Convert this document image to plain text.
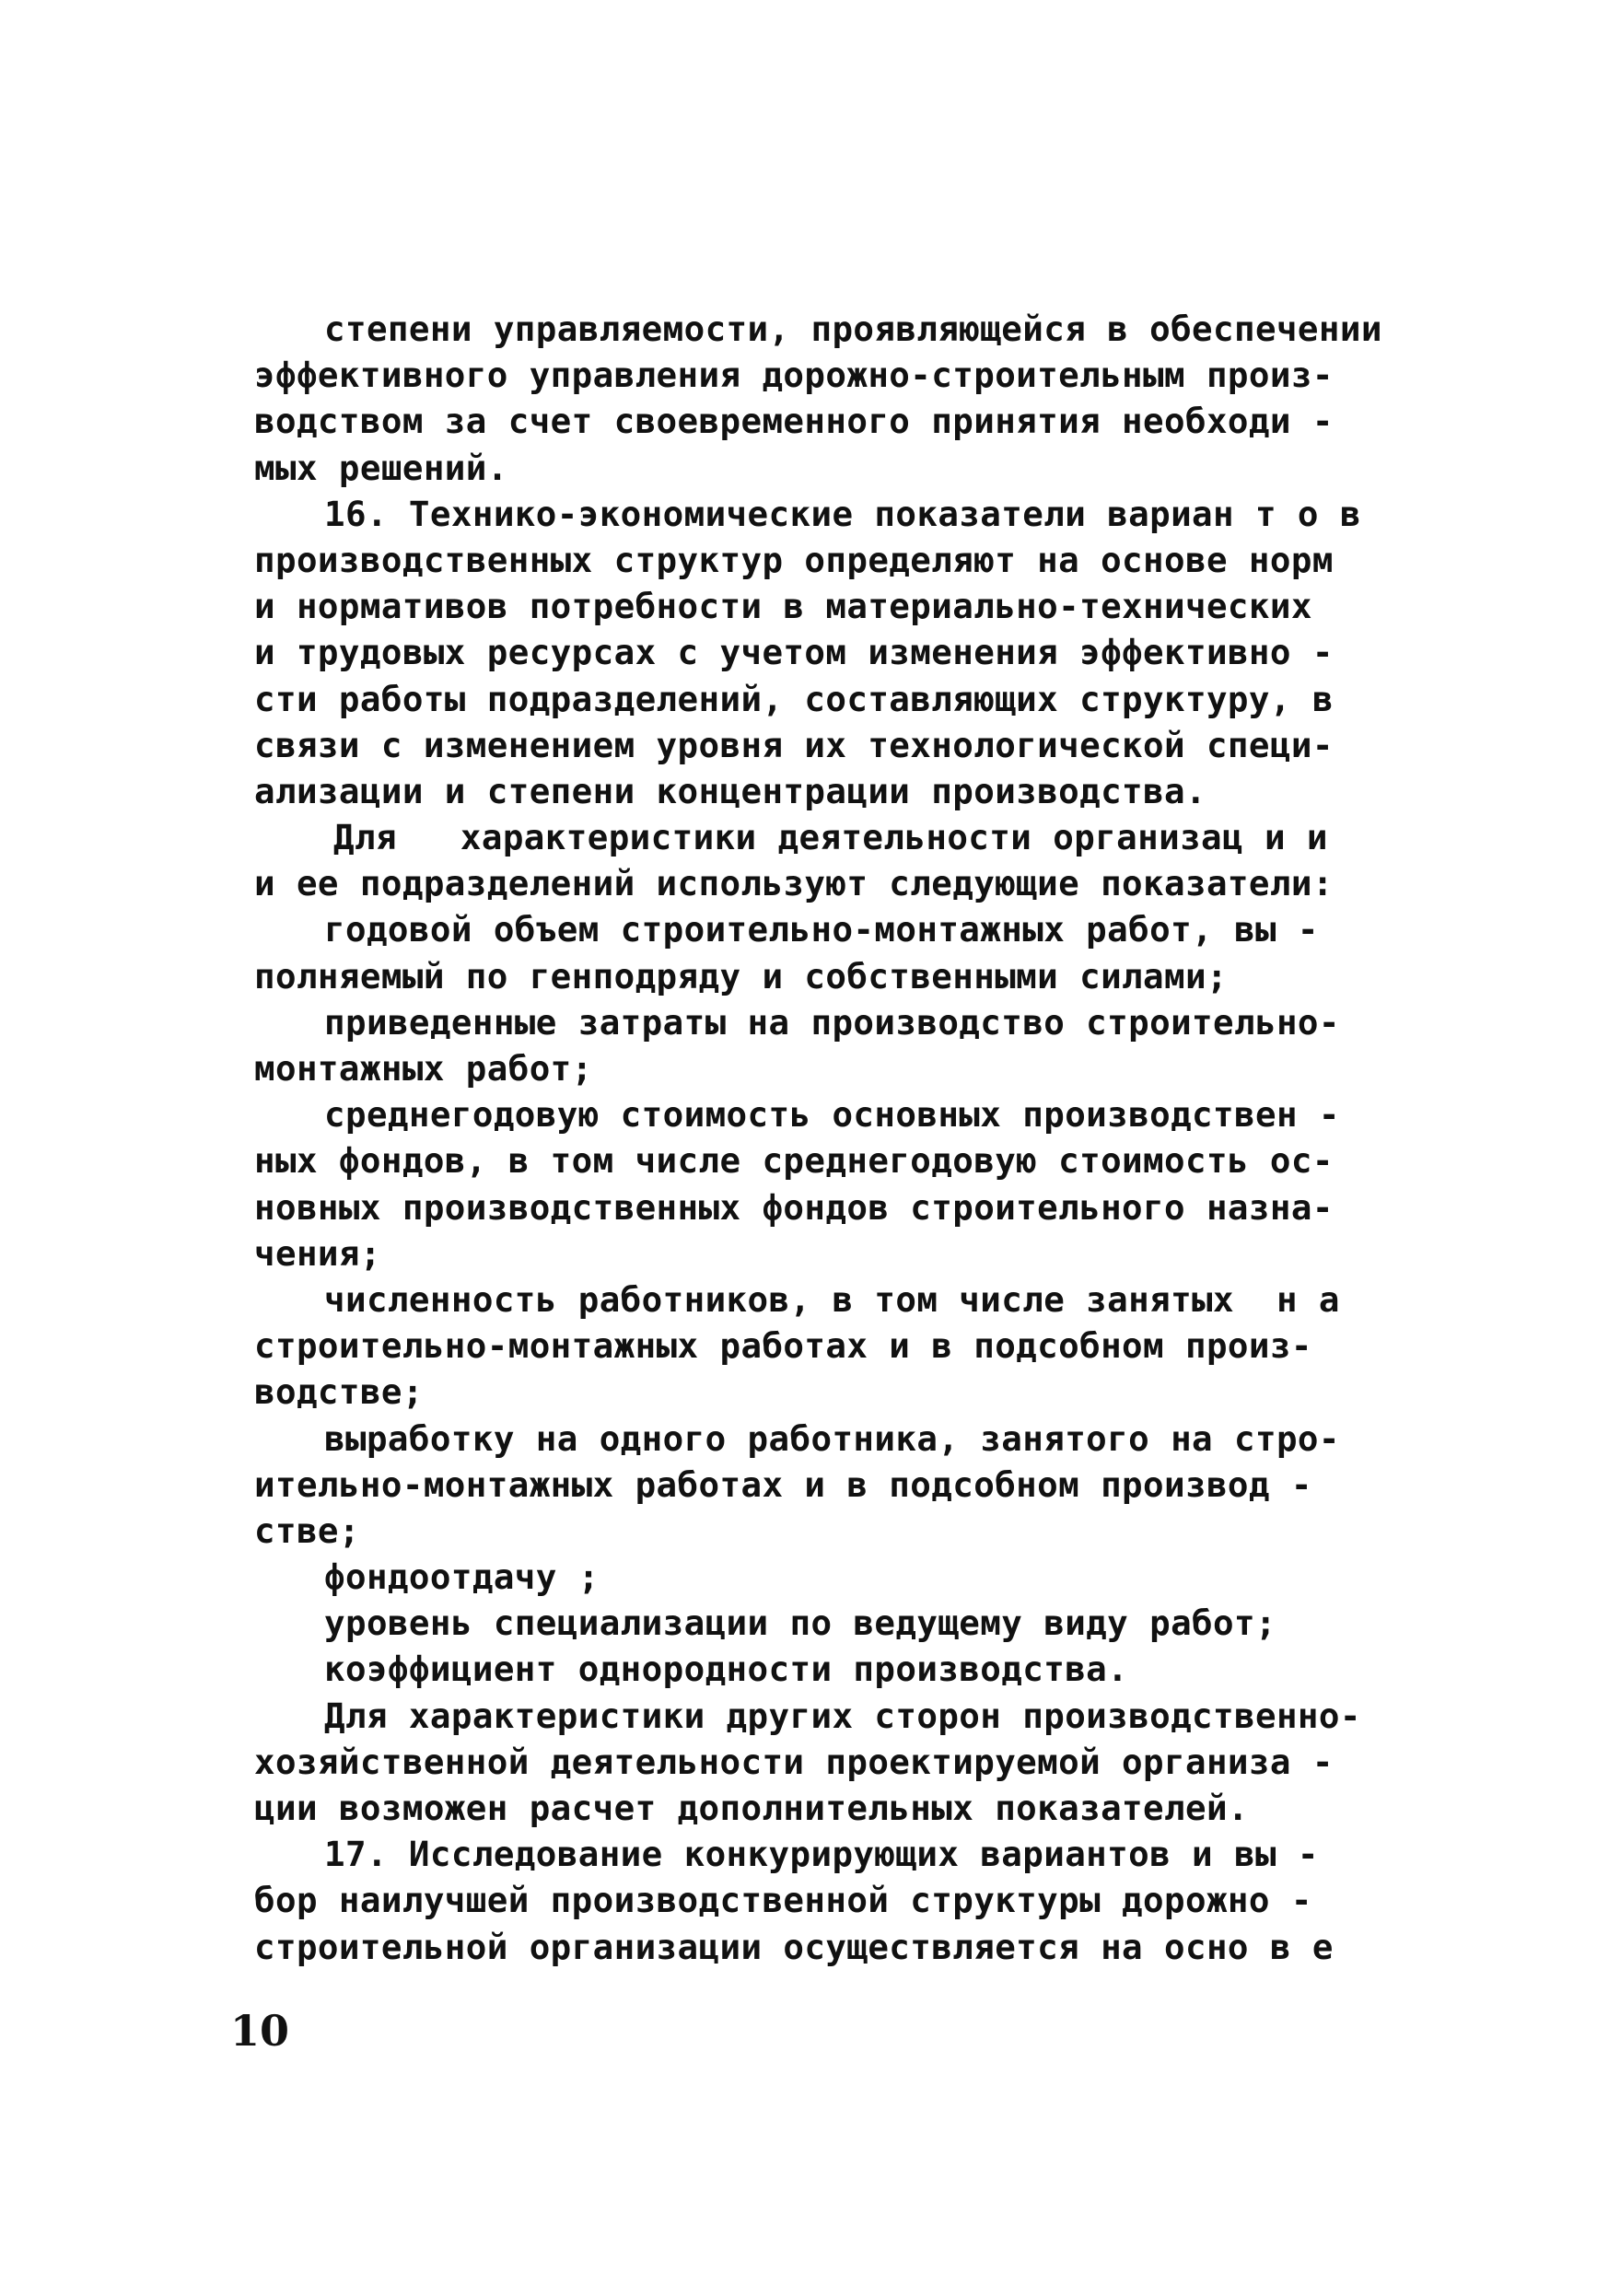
степени управляемости, проявляющейся в обеспечении
эффективного управления дорожно-строительным произ-
водством за счет своевременного принятия необходи -
мых решений.
16. Технико-экономические показатели вариан т о в
производственных структур определяют на основе норм
и нормативов потребности в материально-технических
и трудовых ресурсах с учетом изменения эффективно -
сти работы подразделений, составляющих структуру, в
связи с изменением уровня их технологической специ-
ализации и степени концентрации производства.
Для   характеристики деятельности организац и и
и ее подразделений используют следующие показатели:
годовой объем строительно-монтажных работ, вы -
полняемый по генподряду и собственными силами;
приведенные затраты на производство строительно-
монтажных работ;
среднегодовую стоимость основных производствен -
ных фондов, в том числе среднегодовую стоимость ос-
новных производственных фондов строительного назна-
чения;
численность работников, в том числе занятых  н а
строительно-монтажных работах и в подсобном произ-
водстве;
выработку на одного работника, занятого на стро-
ительно-монтажных работах и в подсобном производ -
стве;
фондоотдачу ;
уровень специализации по ведущему виду работ;
коэффициент однородности производства.
Для характеристики других сторон производственно-
хозяйственной деятельности проектируемой организа -
ции возможен расчет дополнительных показателей.
17. Исследование конкурирующих вариантов и вы -
бор наилучшей производственной структуры дорожно -
строительной организации осуществляется на осно в е
10
